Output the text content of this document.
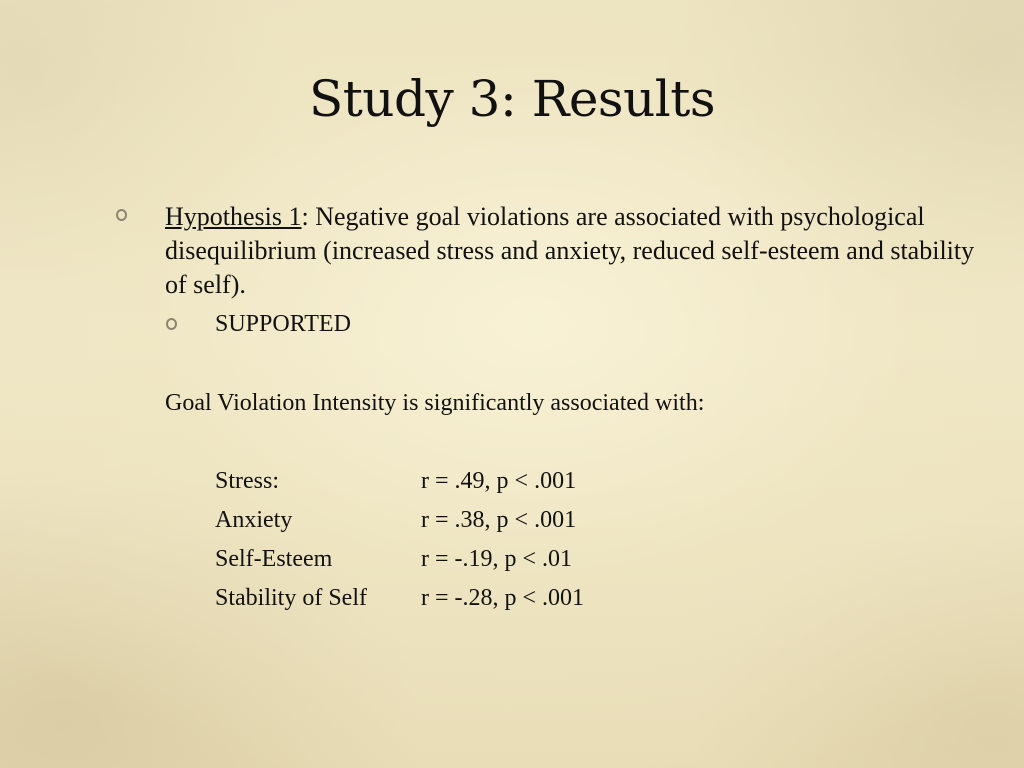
Study 3: Results
Hypothesis 1: Negative goal violations are associated with psychological disequilibrium (increased stress and anxiety, reduced self-esteem and stability of self).
SUPPORTED
Goal Violation Intensity is significantly associated with:
Stress:	r = .49, p < .001
Anxiety	r = .38, p < .001
Self-Esteem	r = -.19, p < .01
Stability of Self	r = -.28, p < .001
